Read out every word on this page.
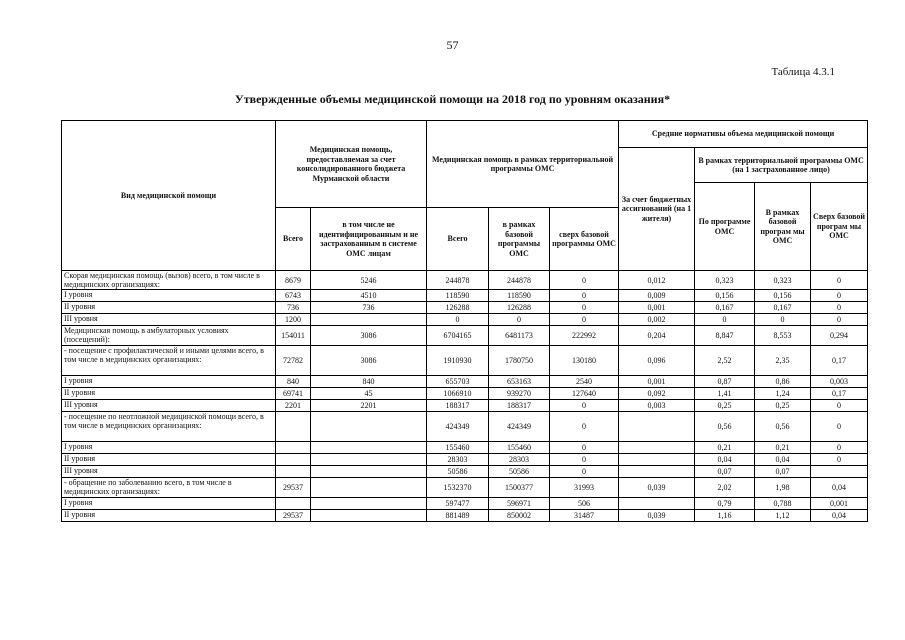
57
Таблица 4.3.1
Утвержденные объемы медицинской помощи на 2018 год по уровням оказания*
Вид медицинской помощи	Медицинская помощь, предоставляемая за счет консолидированного бюджета Мурманской области		Медицинская помощь в рамках территориальной программы ОМС			Средние нормативы объема медицинской помощи			
						За счет бюджетных ассигнований (на 1 жителя)	В рамках территориальной программы ОМС (на 1 застрахованное лицо)		
							По программе ОМС	В рамках базовой програм мы ОМС	Сверх базовой програм мы ОМС
	Всего	в том числе не идентифицированным и не застрахованным в системе ОМС лицам	Всего	в рамках базовой программы ОМС	сверх базовой программы ОМС				
Скорая медицинская помощь (вызов) всего, в том числе в медицинских организациях:	8679	5246	244878	244878	0	0,012	0,323	0,323	0
I уровня	6743	4510	118590	118590	0	0,009	0,156	0,156	0
II уровня	736	736	126288	126288	0	0,001	0,167	0,167	0
III уровня	1200		0	0	0	0,002	0	0	0
Медицинская помощь в амбулаторных условиях (посещений):	154011	3086	6704165	6481173	222992	0,204	8,847	8,553	0,294
- посещение с профилактической и иными целями всего, в том числе в медицинских организациях:	72782	3086	1910930	1780750	130180	0,096	2,52	2,35	0,17
I уровня	840	840	655703	653163	2540	0,001	0,87	0,86	0,003
II уровня	69741	45	1066910	939270	127640	0,092	1,41	1,24	0,17
III уровня	2201	2201	188317	188317	0	0,003	0,25	0,25	0
- посещение по неотложной медицинской помощи всего, в том числе в медицинских организациях:			424349	424349	0		0,56	0,56	0
I уровня			155460	155460	0		0,21	0,21	0
II уровня			28303	28303	0		0,04	0,04	0
III уровня			50586	50586	0		0,07	0,07	
- обращение по заболеванию всего, в том числе в медицинских организациях:	29537		1532370	1500377	31993	0,039	2,02	1,98	0,04
I уровня			597477	596971	506		0,79	0,788	0,001
II уровня	29537		881489	850002	31487	0,039	1,16	1,12	0,04
